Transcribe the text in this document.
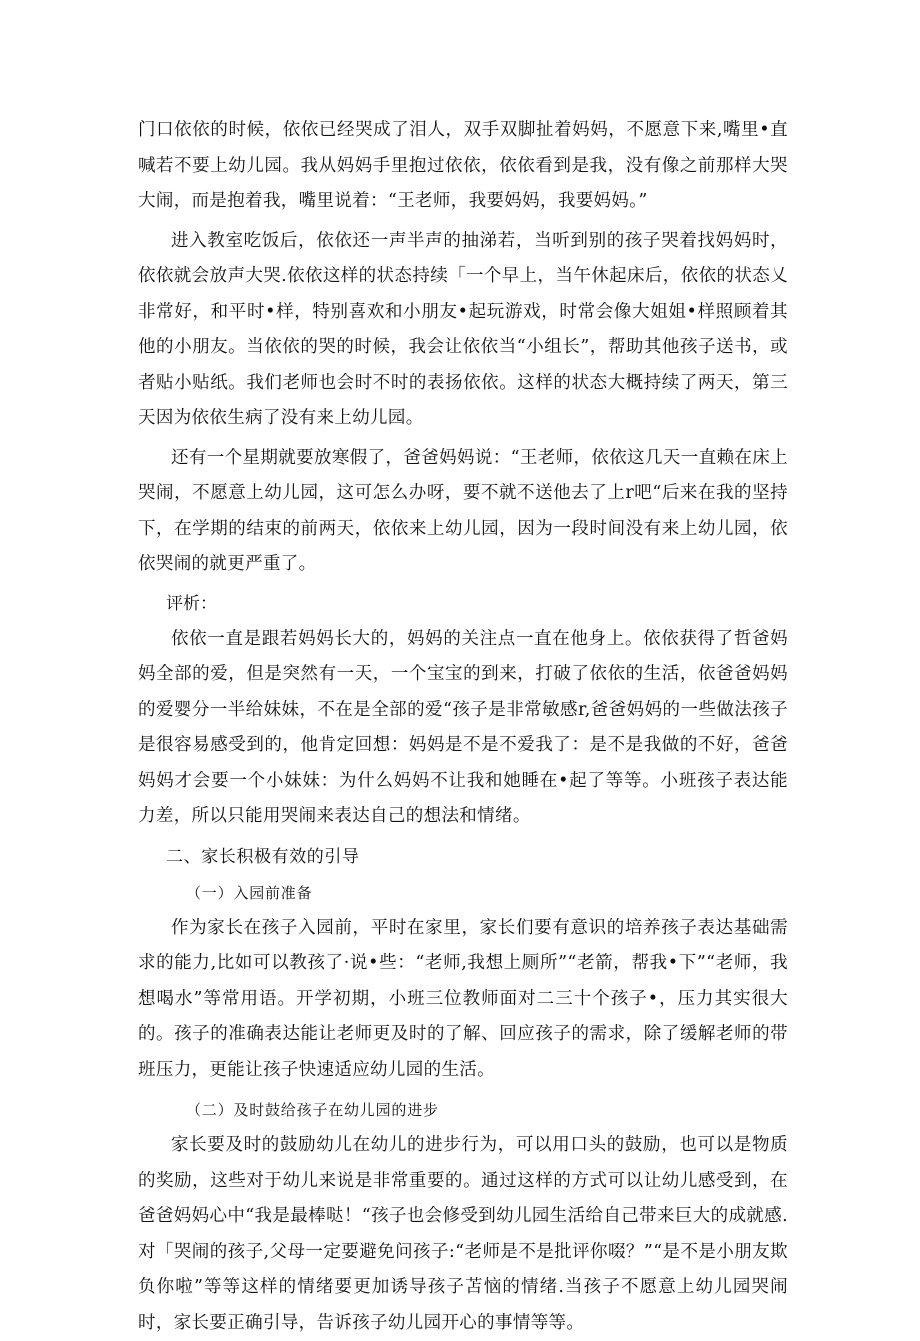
门口依依的时候，依依已经哭成了泪人，双手双脚扯着妈妈，不愿意下来,嘴里•直喊若不要上幼儿园。我从妈妈手里抱过依依，依依看到是我，没有像之前那样大哭大闹，而是抱着我，嘴里说着：“王老师，我要妈妈，我要妈妈。”

进入教室吃饭后，依依还一声半声的抽涕若，当听到别的孩子哭着找妈妈时，依依就会放声大哭.依依这样的状态持续「一个早上，当午休起床后，依依的状态乂非常好，和平时•样，特别喜欢和小朋友•起玩游戏，时常会像大姐姐•样照顾着其他的小朋友。当依依的哭的时候，我会让依依当“小组长”，帮助其他孩子送书，或者贴小贴纸。我们老师也会时不时的表扬依依。这样的状态大概持续了两天，第三天因为依依生病了没有来上幼儿园。

还有一个星期就要放寒假了，爸爸妈妈说：“王老师，依依这几天一直赖在床上哭闹，不愿意上幼儿园，这可怎么办呀，要不就不送他去了上r吧“后来在我的坚持下，在学期的结束的前两天，依依来上幼儿园，因为一段时间没有来上幼儿园，依依哭闹的就更严重了。

评析：

依依一直是跟若妈妈长大的，妈妈的关注点一直在他身上。依依获得了哲爸妈妈全部的爱，但是突然有一天，一个宝宝的到来，打破了依依的生活，依爸爸妈妈的爱婴分一半给妹妹，不在是全部的爱“孩子是非常敏感r,爸爸妈妈的一些做法孩子是很容易感受到的，他肯定回想：妈妈是不是不爱我了：是不是我做的不好，爸爸妈妈才会要一个小妹妹：为什么妈妈不让我和她睡在•起了等等。小班孩子表达能力差，所以只能用哭闹来表达自己的想法和情绪。

二、家长积极有效的引导

（一）入园前准备

作为家长在孩子入园前，平时在家里，家长们要有意识的培养孩子表达基础需求的能力,比如可以教孩了·说•些：“老师,我想上厕所”“老箭，帮我•下”“老师，我想喝水”等常用语。开学初期，小班三位教师面对二三十个孩子•，压力其实很大的。孩子的准确表达能让老师更及时的了解、回应孩子的需求，除了缓解老师的带班压力，更能让孩子快速适应幼儿园的生活。

（二）及时鼓给孩子在幼儿园的进步

家长要及时的鼓励幼儿在幼儿的进步行为，可以用口头的鼓励，也可以是物质的奖励，这些对于幼儿来说是非常重要的。通过这样的方式可以让幼儿感受到，在爸爸妈妈心中“我是最棒哒！“孩子也会修受到幼儿园生活给自己带来巨大的成就感.对「哭闹的孩子,父母一定要避免问孩子:“老师是不是批评你啜？”“是不是小朋友欺负你啦”等等这样的情绪要更加诱导孩子苫恼的情绪.当孩子不愿意上幼儿园哭闹时，家长要正确引导，告诉孩子幼儿园开心的事情等等。
